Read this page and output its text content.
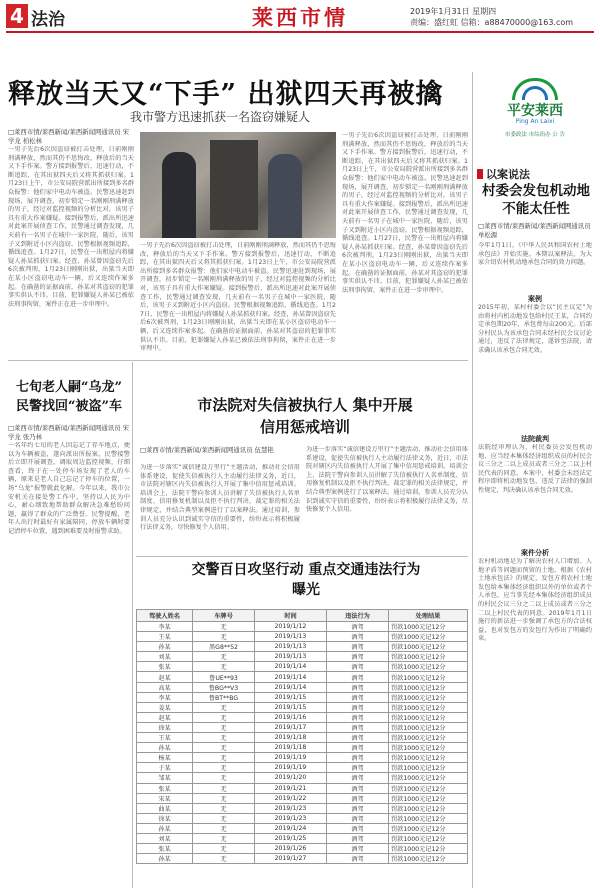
4 法治	莱西市情	2019年1月31日 星期四
责编：盛红虹 信箱：a88470000@163.com
释放当天又“下手” 出狱四天再被擒
我市警方迅速抓获一名盗窃嫌疑人	平安莱西
Ping An Laixi
市委政法 市综治办 公 告
□莱西市情/莱西新闻/莱西新闻网通讯员 宋学龙 柏松林
一男子先后6次因盗窃被打击处理，日前刚刚刑满释放，然而其仍不思悔改，释放后的当天又下手作案。警方接到报警后，迅速行动，不断追踪，在其出狱四天后又将其抓获归案。1月23日上午，市公安局院营派出所接到多名群众报警：他们家中电动车被盗。民警迅速赶到现场，展开调查，初步锁定一名刚刚刑满释放的男子，经过对监控视频的分析比对，该男子具有重大作案嫌疑。接到报警后，派出所迅速对此案开展侦查工作，民警通过调查发现，几天前有一名男子在城中一家医院，随后，该男子又到附近小区内盗窃。民警根据视频追踪，循线追查。1月27日，民警在一出租屋内将嫌疑人孙某抓获归案。经查，孙某曾因盗窃先后6次被判刑，1月23日刚刚出狱，出狱当天即在某小区盗窃电动车一辆，后又连续作案多起。在确凿的证据面前，孙某对其盗窃的犯罪事实供认不讳。目前，犯罪嫌疑人孙某已被依法刑事拘留，案件正在进一步审理中。
一男子先后6次因盗窃被打击处理，日前刚刚刑满释放，然而其仍不思悔改，释放后的当天又下手作案。警方接到报警后，迅速行动，不断追踪，在其出狱四天后又将其抓获归案。1月23日上午，市公安局院营派出所接到多名群众报警：他们家中电动车被盗。民警迅速赶到现场，展开调查，初步锁定一名刚刚刑满释放的男子，经过对监控视频的分析比对，该男子具有重大作案嫌疑。接到报警后，派出所迅速对此案开展侦查工作，民警通过调查发现，几天前有一名男子在城中一家医院，随后，该男子又到附近小区内盗窃。民警根据视频追踪，循线追查。1月27日，民警在一出租屋内将嫌疑人孙某抓获归案。经查，孙某曾因盗窃先后6次被判刑，1月23日刚刚出狱，出狱当天即在某小区盗窃电动车一辆，后又连续作案多起。在确凿的证据面前，孙某对其盗窃的犯罪事实供认不讳。目前，犯罪嫌疑人孙某已被依法刑事拘留，案件正在进一步审理中。
一男子先后6次因盗窃被打击处理，日前刚刚刑满释放，然而其仍不思悔改，释放后的当天又下手作案。警方接到报警后，迅速行动，不断追踪，在其出狱四天后又将其抓获归案。1月23日上午，市公安局院营派出所接到多名群众报警：他们家中电动车被盗。民警迅速赶到现场，展开调查，初步锁定一名刚刚刑满释放的男子，经过对监控视频的分析比对，该男子具有重大作案嫌疑。接到报警后，派出所迅速对此案开展侦查工作，民警通过调查发现，几天前有一名男子在城中一家医院，随后，该男子又到附近小区内盗窃。民警根据视频追踪，循线追查。1月27日，民警在一出租屋内将嫌疑人孙某抓获归案。经查，孙某曾因盗窃先后6次被判刑，1月23日刚刚出狱，出狱当天即在某小区盗窃电动车一辆，后又连续作案多起。在确凿的证据面前，孙某对其盗窃的犯罪事实供认不讳。目前，犯罪嫌疑人孙某已被依法刑事拘留，案件正在进一步审理中。
七旬老人嗣“乌龙” 民警找回“被盗”车
□莱西市情/莱西新闻/莱西新闻网通讯员 宋学龙 张乃林
一名年约七旬的老人因忘记了存车地点，便以为车辆被盗，遂向派出所报案。民警接警后立即开展调查，调取周边监控视频，仔细查看，终于在一处停车场发现了老人的车辆，原来是老人自己忘记了停车的位置，一场“乌龙”报警就此化解。今年以来，我市公安机关在接处警工作中，坚持以人民为中心，耐心细致地帮助群众解决急难愁盼问题，赢得了群众的广泛赞誉。民警提醒，老年人出行时最好有家属陪同，停放车辆时要记清停车位置，遇到困难要及时报警求助。
市法院对失信被执行人 集中开展信用惩戒培训
□莱西市情/莱西新闻/莱西新闻网通讯员 伍慧艳
为进一步落实“诚信建设万里行”主题活动，推动社会信用体系建设，促使失信被执行人主动履行法律义务，近日，市法院对辖区内失信被执行人开展了集中信用惩戒培训。培训会上，法院干警向参训人员讲解了失信被执行人名单制度、信用修复机制以及拒不执行判决、裁定罪的相关法律规定，并结合典型案例进行了以案释法。通过培训，参训人员充分认识到诚实守信的重要性，纷纷表示将积极履行法律义务，尽快修复个人信用。
为进一步落实“诚信建设万里行”主题活动，推动社会信用体系建设，促使失信被执行人主动履行法律义务，近日，市法院对辖区内失信被执行人开展了集中信用惩戒培训。培训会上，法院干警向参训人员讲解了失信被执行人名单制度、信用修复机制以及拒不执行判决、裁定罪的相关法律规定，并结合典型案例进行了以案释法。通过培训，参训人员充分认识到诚实守信的重要性，纷纷表示将积极履行法律义务，尽快修复个人信用。
交警百日攻坚行动 重点交通违法行为曝光
驾驶人姓名	车牌号	时间	违法行为	处理结果
李某	无	2019/1/12	酒驾	罚款1000元记12分
王某	无	2019/1/13	酒驾	罚款1000元记12分
孙某	黑G8**52	2019/1/13	酒驾	罚款1000元记12分
刘某	无	2019/1/13	酒驾	罚款1000元记12分
张某	无	2019/1/14	酒驾	罚款1000元记12分
赵某	鲁UE**93	2019/1/14	酒驾	罚款1000元记12分
高某	鲁BG**V3	2019/1/14	酒驾	罚款1000元记12分
李某	鲁BT**BG	2019/1/15	酒驾	罚款1000元记12分
姜某	无	2019/1/15	酒驾	罚款1000元记12分
赵某	无	2019/1/16	酒驾	罚款1000元记12分
徐某	无	2019/1/17	酒驾	罚款1000元记12分
王某	无	2019/1/18	酒驾	罚款1000元记12分
孙某	无	2019/1/18	酒驾	罚款1000元记12分
杨某	无	2019/1/19	酒驾	罚款1000元记12分
于某	无	2019/1/19	酒驾	罚款1000元记12分
邹某	无	2019/1/20	酒驾	罚款1000元记12分
张某	无	2019/1/21	酒驾	罚款1000元记12分
宋某	无	2019/1/22	酒驾	罚款1000元记12分
曲某	无	2019/1/23	酒驾	罚款1000元记12分
徐某	无	2019/1/23	酒驾	罚款1000元记12分
孙某	无	2019/1/24	酒驾	罚款1000元记12分
刘某	无	2019/1/25	酒驾	罚款1000元记12分
张某	无	2019/1/26	酒驾	罚款1000元记12分
孙某	无	2019/1/27	酒驾	罚款1000元记12分
以案说法
村委会发包机动地 不能太任性
□莱西市情/莱西新闻/莱西新闻网通讯员 单松源
今年1月1日，《中华人民共和国农村土地承包法》开始实施。本期以案释法，为大家介绍农村机动地承包合同的效力问题。
案例
2015年初，某村村委会以“民主议定”为由将村内机动地发包给村民王某，合同约定承包期20年，承包费每亩200元。后部分村民认为该承包合同未经村民会议讨论通过，违反了法律规定，遂诉至法院，请求确认该承包合同无效。
法院裁判
法院经审理认为，村民委员会发包机动地，应当经本集体经济组织成员的村民会议三分之二以上成员或者三分之二以上村民代表的同意。本案中，村委会未经法定程序即将机动地发包，违反了法律的强制性规定，判决确认该承包合同无效。
案件分析
农村机动地是为了解决农村人口增加、人地矛盾等问题而预留的土地。根据《农村土地承包法》的规定，发包方将农村土地发包给本集体经济组织以外的单位或者个人承包，应当事先经本集体经济组织成员的村民会议三分之二以上成员或者三分之二以上村民代表的同意。2019年1月1日施行的新法进一步强调了承包方的合法权益，也对发包方的发包行为作出了明确约束。
